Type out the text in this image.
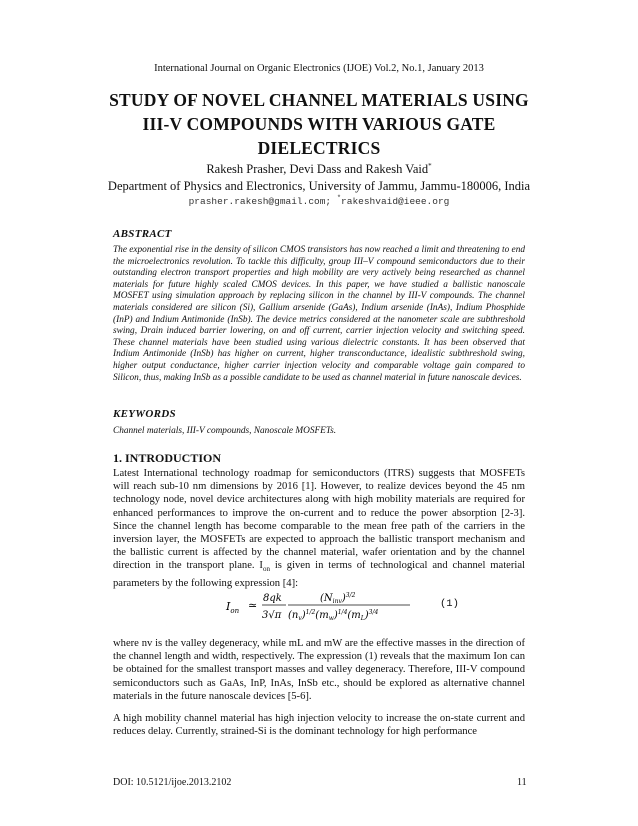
International Journal on Organic Electronics (IJOE) Vol.2, No.1, January 2013
STUDY OF NOVEL CHANNEL MATERIALS USING
III-V COMPOUNDS WITH VARIOUS GATE
DIELECTRICS
Rakesh Prasher, Devi Dass and Rakesh Vaid*
Department of Physics and Electronics, University of Jammu, Jammu-180006, India
prasher.rakesh@gmail.com; *rakeshvaid@ieee.org
ABSTRACT
The exponential rise in the density of silicon CMOS transistors has now reached a limit and threatening to end the microelectronics revolution. To tackle this difficulty, group III–V compound semiconductors due to their outstanding electron transport properties and high mobility are very actively being researched as channel materials for future highly scaled CMOS devices. In this paper, we have studied a ballistic nanoscale MOSFET using simulation approach by replacing silicon in the channel by III-V compounds. The channel materials considered are silicon (Si), Gallium arsenide (GaAs), Indium arsenide (InAs), Indium Phosphide (InP) and Indium Antimonide (InSb). The device metrics considered at the nanometer scale are subthreshold swing, Drain induced barrier lowering, on and off current, carrier injection velocity and switching speed. These channel materials have been studied using various dielectric constants. It has been observed that Indium Antimonide (InSb) has higher on current, higher transconductance, idealistic subthreshold swing, higher output conductance, higher carrier injection velocity and comparable voltage gain compared to Silicon, thus, making InSb as a possible candidate to be used as channel material in future nanoscale devices.
KEYWORDS
Channel materials, III-V compounds, Nanoscale MOSFETs.
1. INTRODUCTION
Latest International technology roadmap for semiconductors (ITRS) suggests that MOSFETs will reach sub-10 nm dimensions by 2016 [1]. However, to realize devices beyond the 45 nm technology node, novel device architectures along with high mobility materials are required for enhanced performances to improve the on-current and to reduce the power absorption [2-3]. Since the channel length has become comparable to the mean free path of the carriers in the inversion layer, the MOSFETs are expected to approach the ballistic transport mechanism and the ballistic current is affected by the channel material, wafer orientation and by the channel direction in the transport plane. $I_{on}$ is given in terms of technological and channel material parameters by the following expression [4]:
$I_{on}$ ≃
8qk
3√π
$(N_{inv})^{3/2}$
$(n_v)^{1/2}(m_w)^{1/4}(m_L)^{3/4}$
(1)
where nv is the valley degeneracy, while mL and mW are the effective masses in the direction of the channel length and width, respectively. The expression (1) reveals that the maximum Ion can be obtained for the smallest transport masses and valley degeneracy. Therefore, III-V compound semiconductors such as GaAs, InP, InAs, InSb etc., should be explored as alternative channel materials in the future nanoscale devices [5-6].
A high mobility channel material has high injection velocity to increase the on-state current and reduces delay. Currently, strained-Si is the dominant technology for high performance
DOI: 10.5121/ijoe.2013.2102	11
